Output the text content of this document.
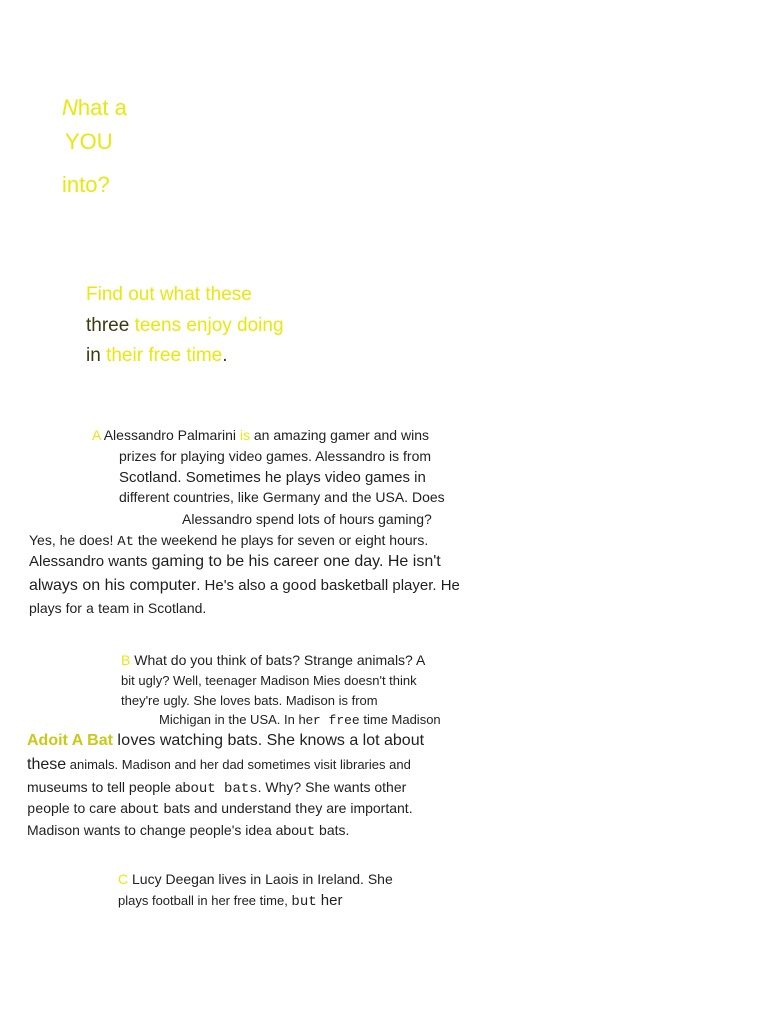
Nhat a
YOU
into?
Find out what these
three teens enjoy doing
in their free time.
A Alessandro Palmarini is an amazing gamer and wins
prizes for playing video games. Alessandro is from
Scotland. Sometimes he plays video games in
different countries, like Germany and the USA. Does
Alessandro spend lots of hours gaming?
Yes, he does! At the weekend he plays for seven or eight hours.
Alessandro wants gaming to be his career one day. He isn't
always on his computer. He's also a good basketball player. He
plays for a team in Scotland.
B What do you think of bats? Strange animals? A
bit ugly? Well, teenager Madison Mies doesn't think
they're ugly. She loves bats. Madison is from
Michigan in the USA. In her free time Madison
Adoit A Bat loves watching bats. She knows a lot about
these animals. Madison and her dad sometimes visit libraries and
museums to tell people about bats. Why? She wants other
people to care about bats and understand they are important.
Madison wants to change people's idea about bats.
C Lucy Deegan lives in Laois in Ireland. She
plays football in her free time, but her
